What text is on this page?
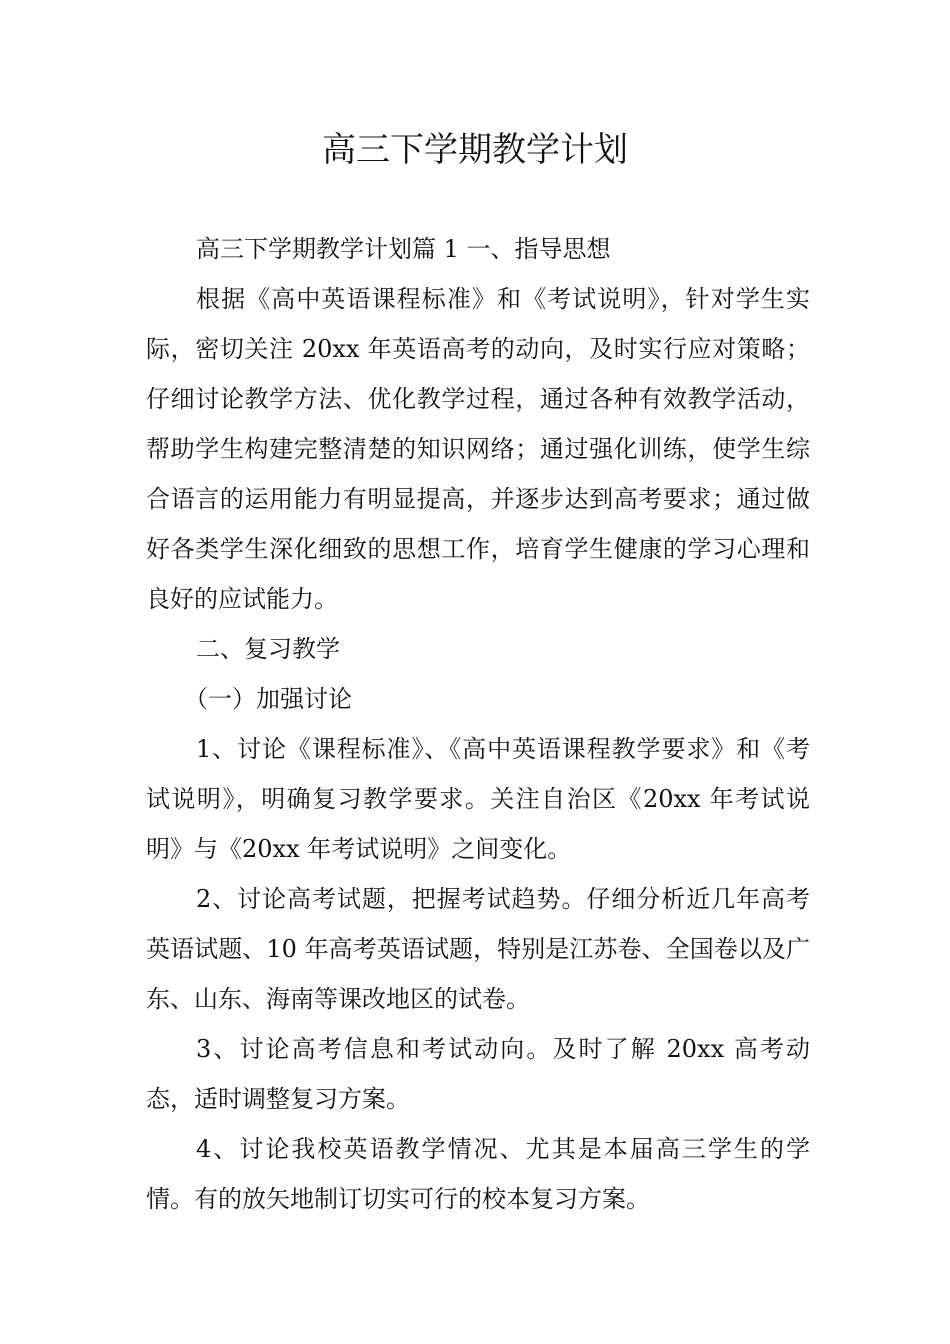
高三下学期教学计划

高三下学期教学计划篇 1 一、指导思想

根据《高中英语课程标准》和《考试说明》，针对学生实际，密切关注 20xx 年英语高考的动向，及时实行应对策略；仔细讨论教学方法、优化教学过程，通过各种有效教学活动，帮助学生构建完整清楚的知识网络；通过强化训练，使学生综合语言的运用能力有明显提高，并逐步达到高考要求；通过做好各类学生深化细致的思想工作，培育学生健康的学习心理和良好的应试能力。

二、复习教学

（一）加强讨论

1、讨论《课程标准》、《高中英语课程教学要求》和《考试说明》，明确复习教学要求。关注自治区《20xx 年考试说明》与《20xx 年考试说明》之间变化。

2、讨论高考试题，把握考试趋势。仔细分析近几年高考英语试题、10 年高考英语试题，特别是江苏卷、全国卷以及广东、山东、海南等课改地区的试卷。

3、讨论高考信息和考试动向。及时了解 20xx 高考动态，适时调整复习方案。

4、讨论我校英语教学情况、尤其是本届高三学生的学情。有的放矢地制订切实可行的校本复习方案。
